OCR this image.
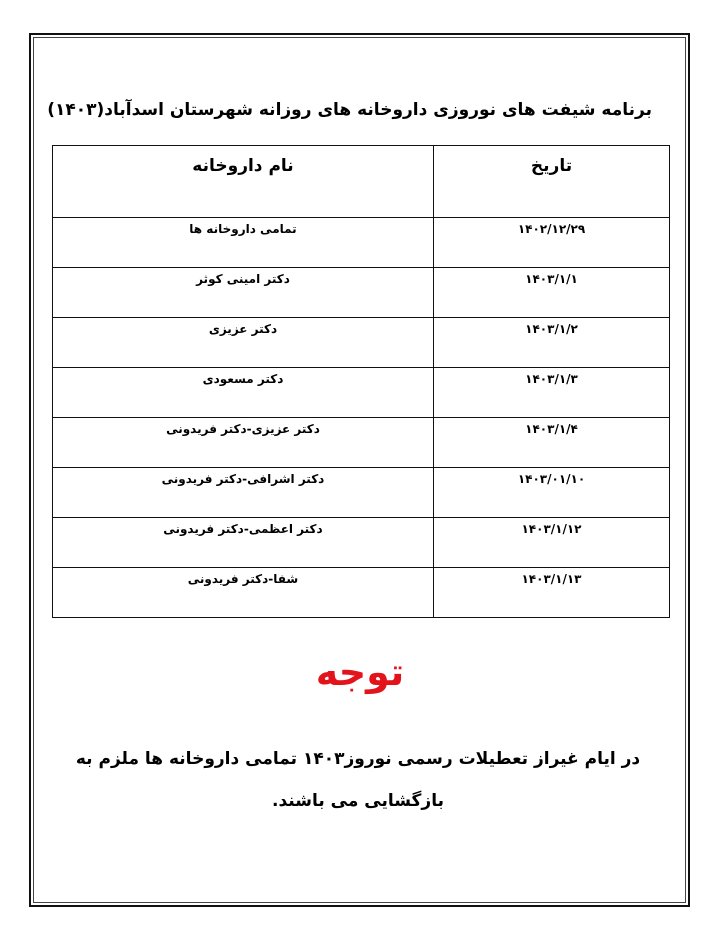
برنامه شیفت های نوروزی داروخانه های روزانه شهرستان اسدآباد(۱۴۰۳)
تاریخ	نام داروخانه
۱۴۰۲/۱۲/۲۹	تمامی داروخانه ها
۱۴۰۳/۱/۱	دکتر امینی کوثر
۱۴۰۳/۱/۲	دکتر عزیزی
۱۴۰۳/۱/۳	دکتر مسعودی
۱۴۰۳/۱/۴	دکتر عزیزی-دکتر فریدونی
۱۴۰۳/۰۱/۱۰	دکتر اشرافی-دکتر فریدونی
۱۴۰۳/۱/۱۲	دکتر اعظمی-دکتر فریدونی
۱۴۰۳/۱/۱۳	شفا-دکتر فریدونی
توجه
در ایام غیراز تعطیلات رسمی نوروز۱۴۰۳ تمامی داروخانه ها ملزم به بازگشایی می باشند.
